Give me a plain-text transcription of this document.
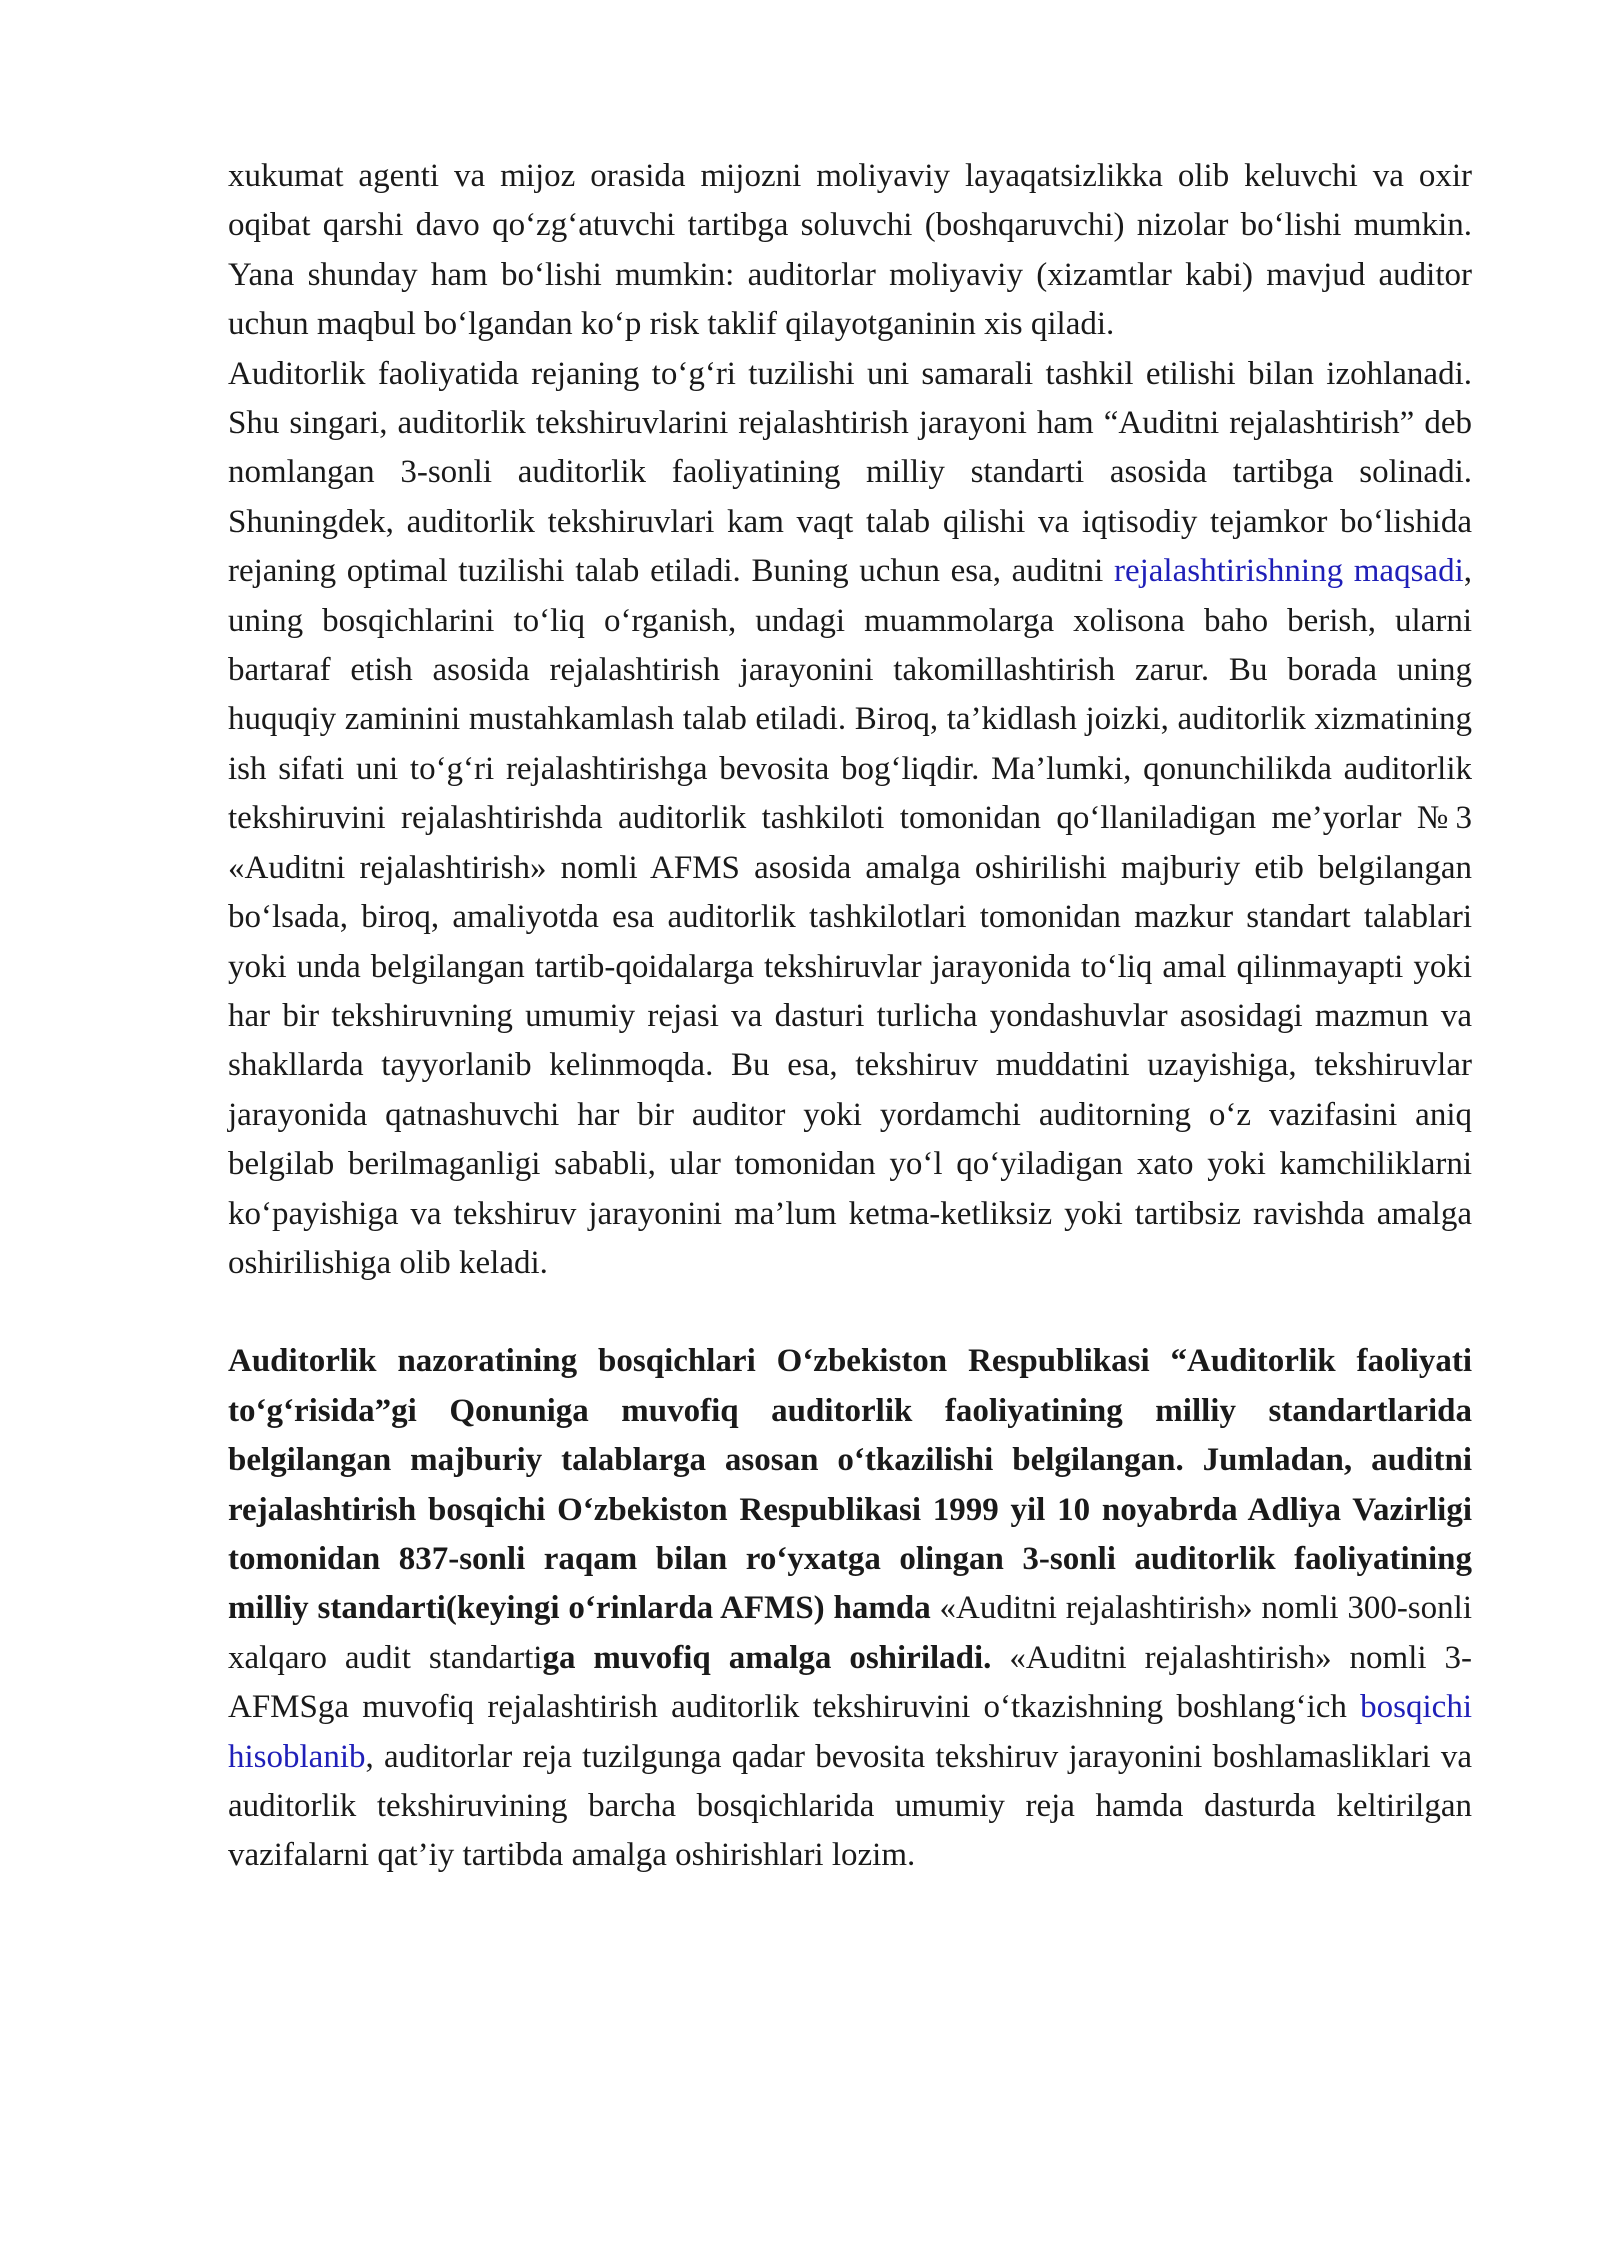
xukumat agenti va mijoz orasida mijozni moliyaviy layaqatsizlikka olib keluvchi va oxir oqibat qarshi davo qo‘zg‘atuvchi tartibga soluvchi (boshqaruvchi) nizolar bo‘lishi mumkin. Yana shunday ham bo‘lishi mumkin: auditorlar moliyaviy (xizamtlar kabi) mavjud auditor uchun maqbul bo‘lgandan ko‘p risk taklif qilayotganinin xis qiladi.

Auditorlik faoliyatida rejaning to‘g‘ri tuzilishi uni samarali tashkil etilishi bilan izohlanadi. Shu singari, auditorlik tekshiruvlarini rejalashtirish jarayoni ham “Auditni rejalashtirish” deb nomlangan 3-sonli auditorlik faoliyatining milliy standarti asosida tartibga solinadi. Shuningdek, auditorlik tekshiruvlari kam vaqt talab qilishi va iqtisodiy tejamkor bo‘lishida rejaning optimal tuzilishi talab etiladi. Buning uchun esa, auditni rejalashtirishning maqsadi, uning bosqichlarini to‘liq o‘rganish, undagi muammolarga xolisona baho berish, ularni bartaraf etish asosida rejalashtirish jarayonini takomillashtirish zarur. Bu borada uning huquqiy zaminini mustahkamlash talab etiladi. Biroq, ta’kidlash joizki, auditorlik xizmatining ish sifati uni to‘g‘ri rejalashtirishga bevosita bog‘liqdir. Ma’lumki, qonunchilikda auditorlik tekshiruvini rejalashtirishda auditorlik tashkiloti tomonidan qo‘llaniladigan me’yorlar №3 «Auditni rejalashtirish» nomli AFMS asosida amalga oshirilishi majburiy etib belgilangan bo‘lsada, biroq, amaliyotda esa auditorlik tashkilotlari tomonidan mazkur standart talablari yoki unda belgilangan tartib-qoidalarga tekshiruvlar jarayonida to‘liq amal qilinmayapti yoki har bir tekshiruvning umumiy rejasi va dasturi turlicha yondashuvlar asosidagi mazmun va shakllarda tayyorlanib kelinmoqda. Bu esa, tekshiruv muddatini uzayishiga, tekshiruvlar jarayonida qatnashuvchi har bir auditor yoki yordamchi auditorning o‘z vazifasini aniq belgilab berilmaganligi sababli, ular tomonidan yo‘l qo‘yiladigan xato yoki kamchiliklarni ko‘payishiga va tekshiruv jarayonini ma’lum ketma-ketliksiz yoki tartibsiz ravishda amalga oshirilishiga olib keladi.

Auditorlik nazoratining bosqichlari O‘zbekiston Respublikasi “Auditorlik faoliyati to‘g‘risida”gi Qonuniga muvofiq auditorlik faoliyatining milliy standartlarida belgilangan majburiy talablarga asosan o‘tkazilishi belgilangan. Jumladan, auditni rejalashtirish bosqichi O‘zbekiston Respublikasi 1999 yil 10 noyabrda Adliya Vazirligi tomonidan 837-sonli raqam bilan ro‘yxatga olingan 3-sonli auditorlik faoliyatining milliy standarti(keyingi o‘rinlarda AFMS) hamda «Auditni rejalashtirish» nomli 300-sonli xalqaro audit standartiga muvofiq amalga oshiriladi. «Auditni rejalashtirish» nomli 3-AFMSga muvofiq rejalashtirish auditorlik tekshiruvini o‘tkazishning boshlang‘ich bosqichi hisoblanib, auditorlar reja tuzilgunga qadar bevosita tekshiruv jarayonini boshlamasliklari va auditorlik tekshiruvining barcha bosqichlarida umumiy reja hamda dasturda keltirilgan vazifalarni qat’iy tartibda amalga oshirishlari lozim.
